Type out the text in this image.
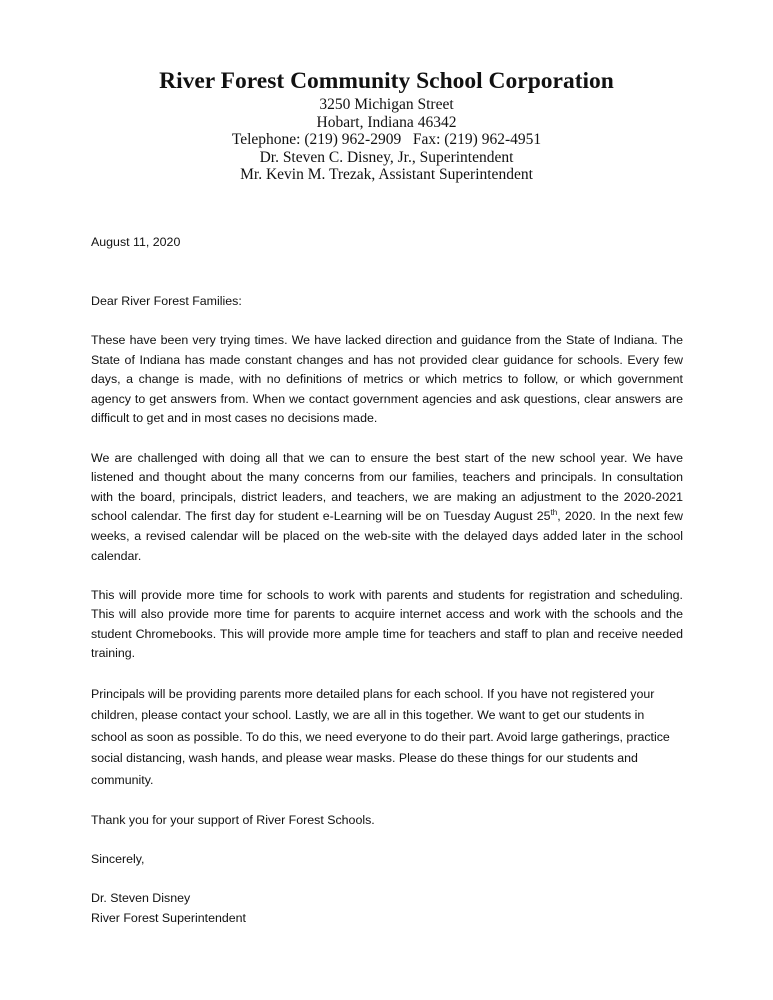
River Forest Community School Corporation

3250 Michigan Street

Hobart, Indiana 46342

Telephone: (219) 962-2909   Fax: (219) 962-4951

Dr. Steven C. Disney, Jr., Superintendent

Mr. Kevin M. Trezak, Assistant Superintendent

August 11, 2020

Dear River Forest Families:

These have been very trying times. We have lacked direction and guidance from the State of Indiana. The State of Indiana has made constant changes and has not provided clear guidance for schools. Every few days, a change is made, with no definitions of metrics or which metrics to follow, or which government agency to get answers from. When we contact government agencies and ask questions, clear answers are difficult to get and in most cases no decisions made.

We are challenged with doing all that we can to ensure the best start of the new school year. We have listened and thought about the many concerns from our families, teachers and principals. In consultation with the board, principals, district leaders, and teachers, we are making an adjustment to the 2020-2021 school calendar. The first day for student e-Learning will be on Tuesday August 25th, 2020. In the next few weeks, a revised calendar will be placed on the web-site with the delayed days added later in the school calendar.

This will provide more time for schools to work with parents and students for registration and scheduling. This will also provide more time for parents to acquire internet access and work with the schools and the student Chromebooks. This will provide more ample time for teachers and staff to plan and receive needed training.

Principals will be providing parents more detailed plans for each school. If you have not registered your children, please contact your school. Lastly, we are all in this together. We want to get our students in school as soon as possible. To do this, we need everyone to do their part. Avoid large gatherings, practice social distancing, wash hands, and please wear masks. Please do these things for our students and community.

Thank you for your support of River Forest Schools.

Sincerely,

Dr. Steven Disney

River Forest Superintendent
